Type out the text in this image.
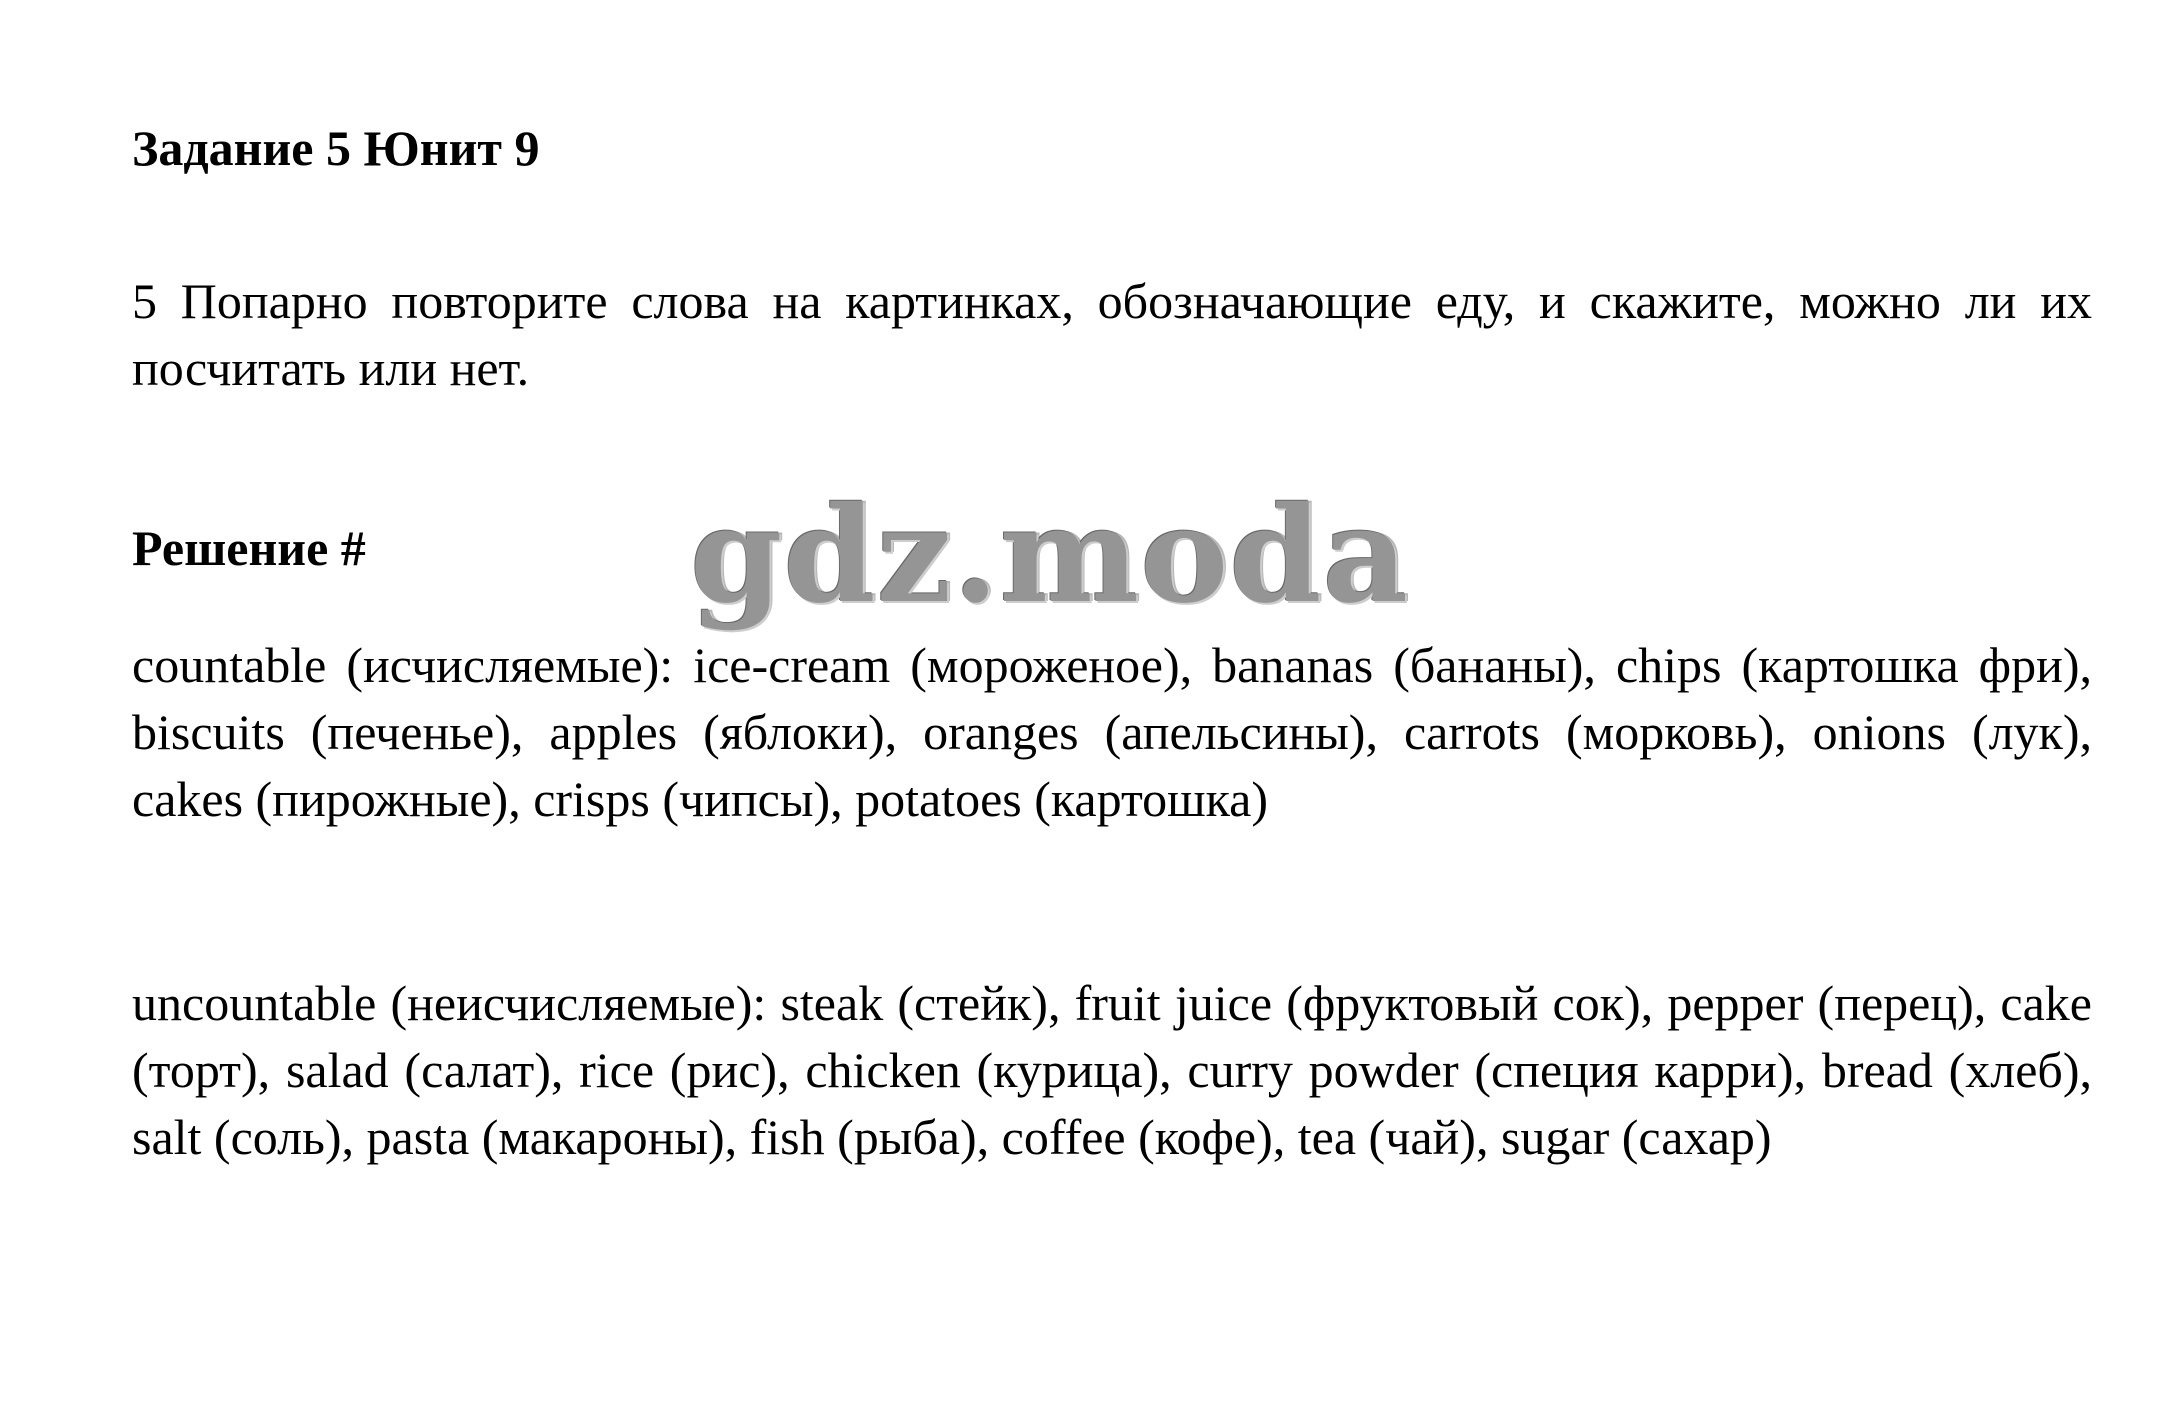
Задание 5 Юнит 9

5 Попарно повторите слова на картинках, обозначающие еду, и скажите, можно ли их посчитать или нет.

Решение #	gdz.moda

countable (исчисляемые): ice-cream (мороженое), bananas (бананы), chips (картошка фри), biscuits (печенье), apples (яблоки), oranges (апельсины), carrots (морковь), onions (лук), cakes (пирожные), crisps (чипсы), potatoes (картошка)

uncountable (неисчисляемые): steak (стейк), fruit juice (фруктовый сок), pepper (перец), cake (торт), salad (салат), rice (рис), chicken (курица), curry powder (специя карри), bread (хлеб), salt (соль), pasta (макароны), fish (рыба), coffee (кофе), tea (чай), sugar (сахар)
